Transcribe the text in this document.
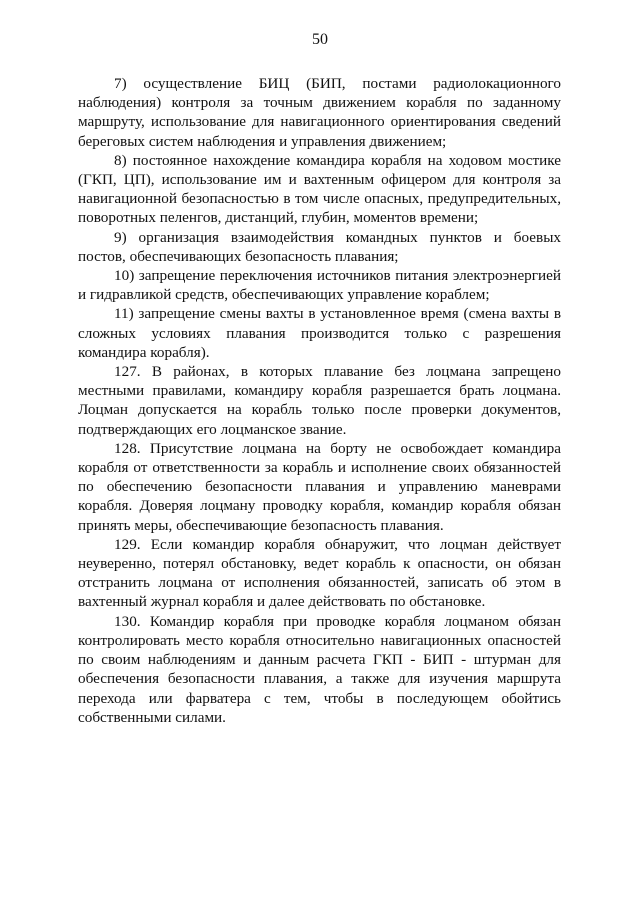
50

7) осуществление БИЦ (БИП, постами радиолокационного наблюдения) контроля за точным движением корабля по заданному маршруту, использование для навигационного ориентирования сведений береговых систем наблюдения и управления движением;

8) постоянное нахождение командира корабля на ходовом мостике (ГКП, ЦП), использование им и вахтенным офицером для контроля за навигационной безопасностью в том числе опасных, предупредительных, поворотных пеленгов, дистанций, глубин, моментов времени;

9) организация взаимодействия командных пунктов и боевых постов, обеспечивающих безопасность плавания;

10) запрещение переключения источников питания электроэнергией и гидравликой средств, обеспечивающих управление кораблем;

11) запрещение смены вахты в установленное время (смена вахты в сложных условиях плавания производится только с разрешения командира корабля).

127. В районах, в которых плавание без лоцмана запрещено местными правилами, командиру корабля разрешается брать лоцмана. Лоцман допускается на корабль только после проверки документов, подтверждающих его лоцманское звание.

128. Присутствие лоцмана на борту не освобождает командира корабля от ответственности за корабль и исполнение своих обязанностей по обеспечению безопасности плавания и управлению маневрами корабля. Доверяя лоцману проводку корабля, командир корабля обязан принять меры, обеспечивающие безопасность плавания.

129. Если командир корабля обнаружит, что лоцман действует неуверенно, потерял обстановку, ведет корабль к опасности, он обязан отстранить лоцмана от исполнения обязанностей, записать об этом в вахтенный журнал корабля и далее действовать по обстановке.

130. Командир корабля при проводке корабля лоцманом обязан контролировать место корабля относительно навигационных опасностей по своим наблюдениям и данным расчета ГКП - БИП - штурман для обеспечения безопасности плавания, а также для изучения маршрута перехода или фарватера с тем, чтобы в последующем обойтись собственными силами.
